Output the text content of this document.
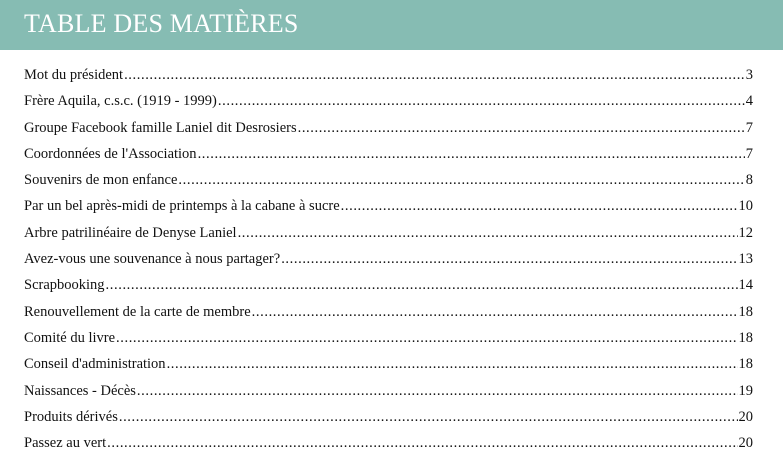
TABLE DES MATIÈRES
Mot du président .....	3
Frère Aquila, c.s.c. (1919 - 1999) .....	4
Groupe Facebook famille Laniel dit Desrosiers .....	7
Coordonnées de l'Association .....	7
Souvenirs de mon enfance .....	8
Par un bel après-midi de printemps à la cabane à sucre .....	10
Arbre patrilinéaire de Denyse Laniel .....	12
Avez-vous une souvenance à nous partager? .....	13
Scrapbooking .....	14
Renouvellement de la carte de membre .....	18
Comité du livre .....	18
Conseil d'administration .....	18
Naissances - Décès .....	19
Produits dérivés .....	20
Passez au vert .....	20
